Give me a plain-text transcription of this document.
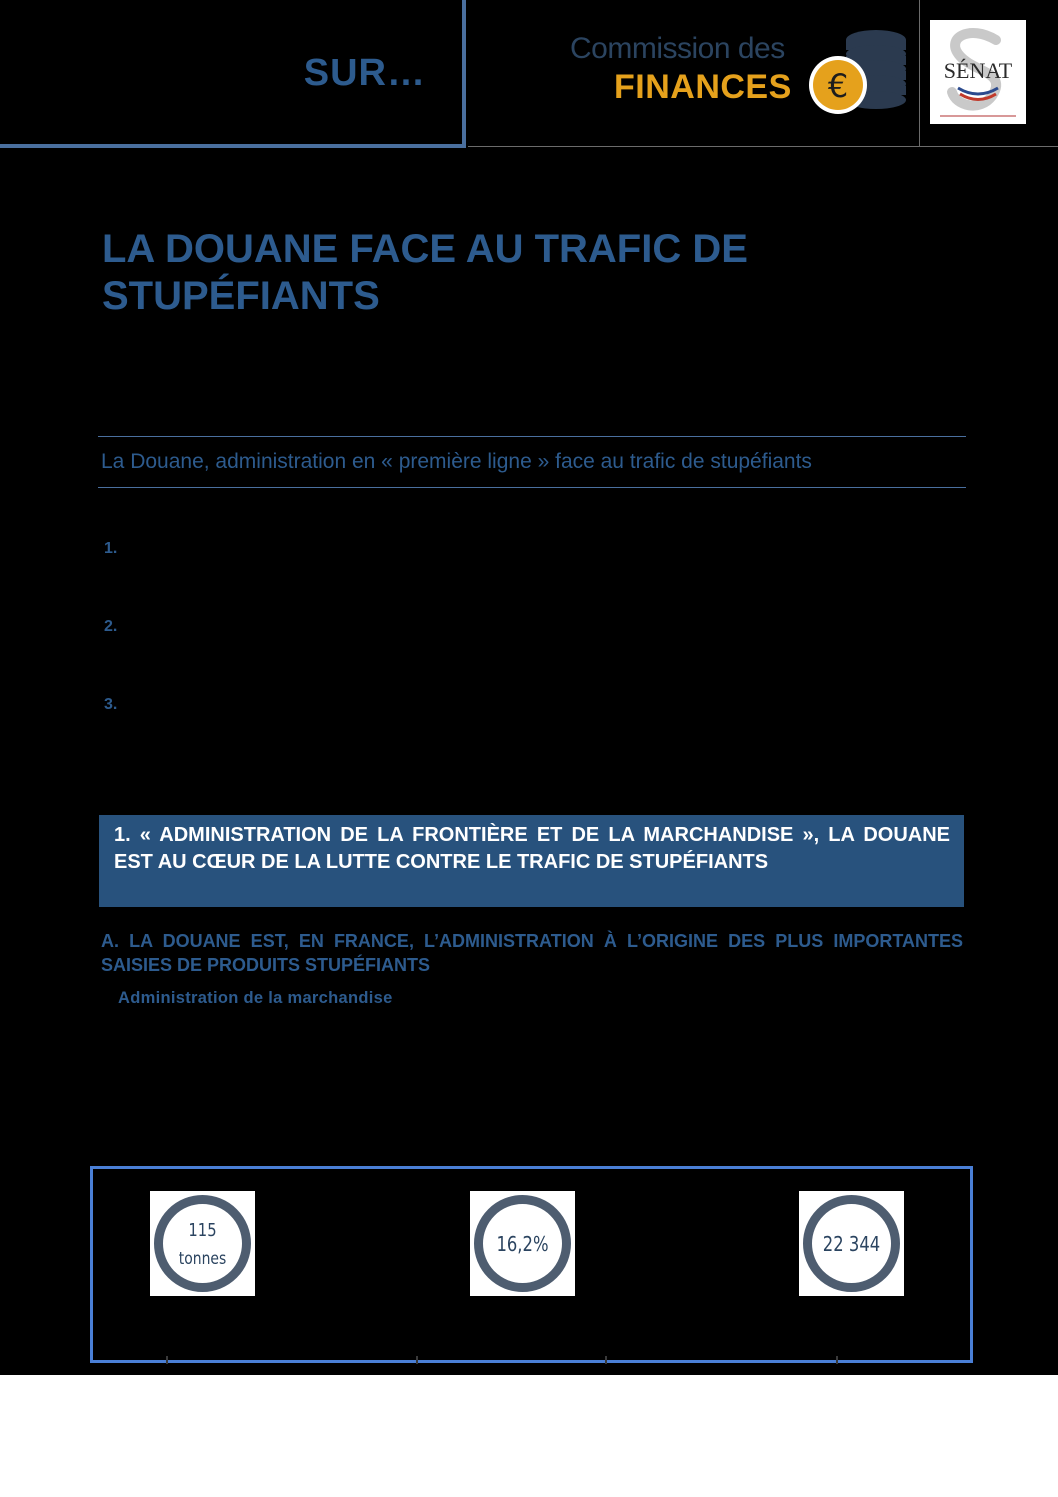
SUR…
Commission des
FINANCES €	SÉNAT
LA DOUANE FACE AU TRAFIC DE STUPÉFIANTS
La Douane, administration en « première ligne » face au trafic de stupéfiants
1.
2.
3.
1. « ADMINISTRATION DE LA FRONTIÈRE ET DE LA MARCHANDISE », LA DOUANE EST AU CŒUR DE LA LUTTE CONTRE LE TRAFIC DE STUPÉFIANTS
A. LA DOUANE EST, EN FRANCE, L’ADMINISTRATION À L’ORIGINE DES PLUS IMPORTANTES SAISIES DE PRODUITS STUPÉFIANTS
Administration de la marchandise
115
tonnes
16,2%	22 344
